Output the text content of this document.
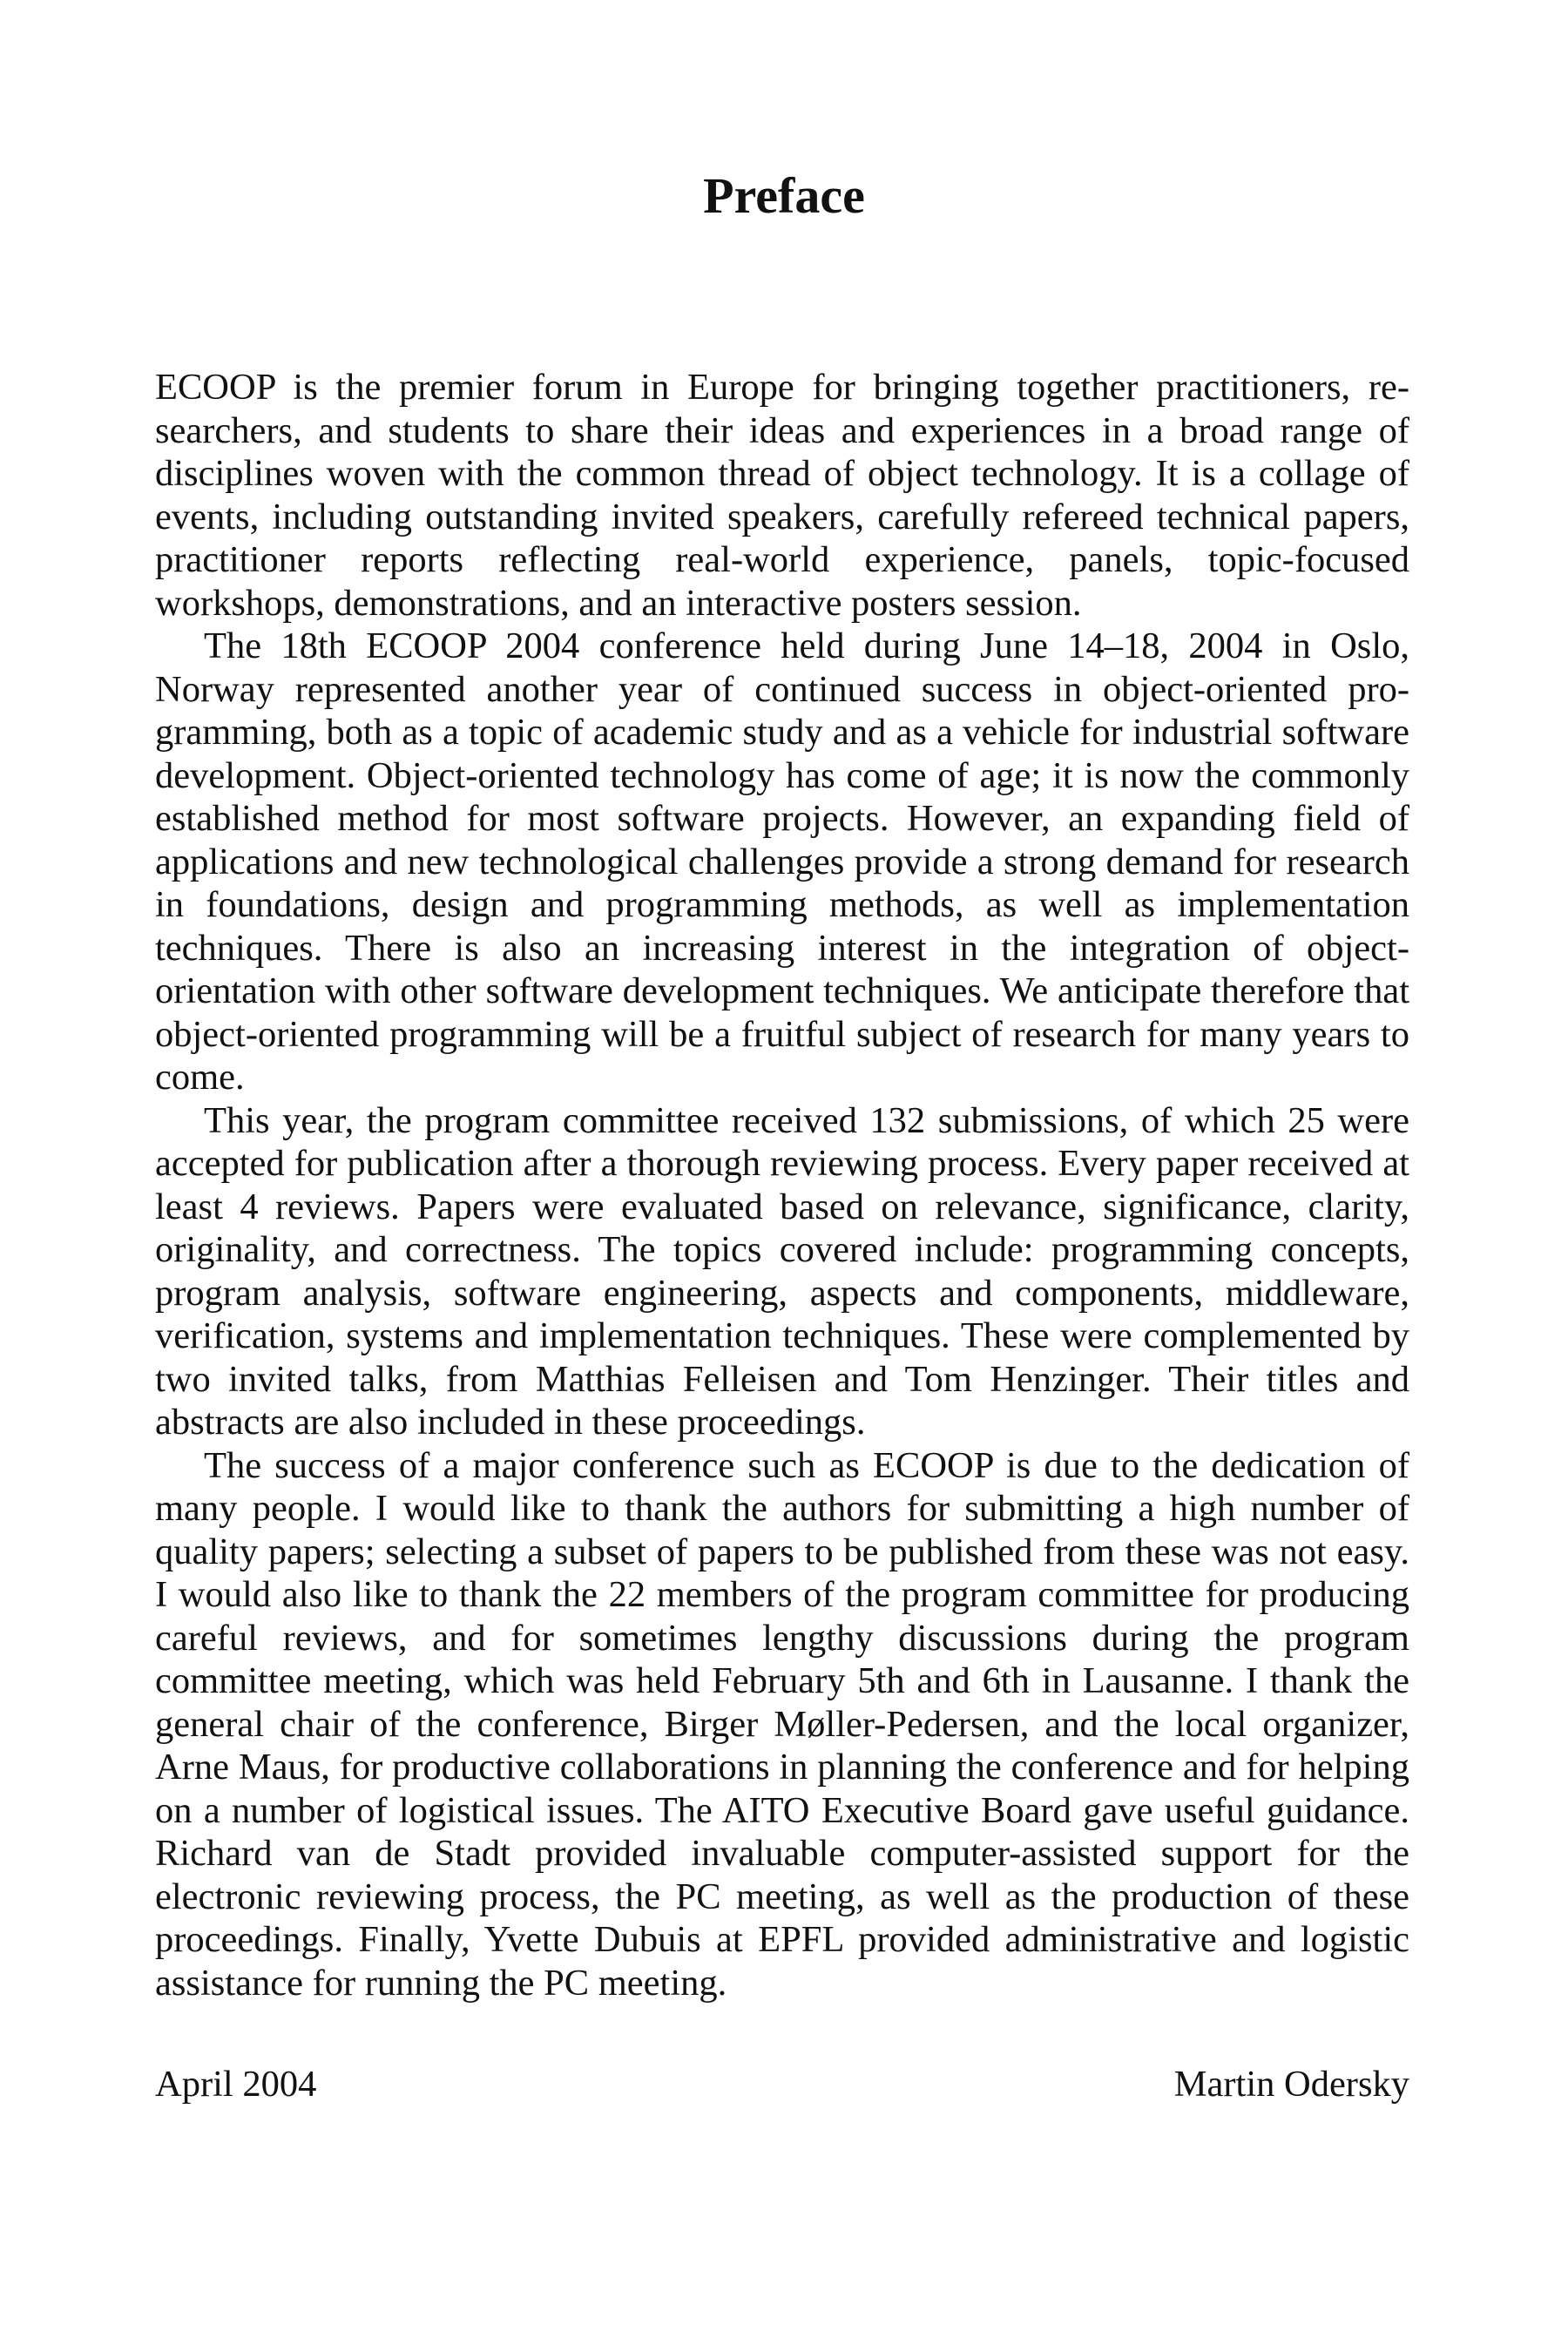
Preface

ECOOP is the premier forum in Europe for bringing together practitioners, researchers, and students to share their ideas and experiences in a broad range of disciplines woven with the common thread of object technology. It is a collage of events, including outstanding invited speakers, carefully refereed technical papers, practitioner reports reflecting real-world experience, panels, topic-focused workshops, demonstrations, and an interactive posters session.

The 18th ECOOP 2004 conference held during June 14–18, 2004 in Oslo, Norway represented another year of continued success in object-oriented programming, both as a topic of academic study and as a vehicle for industrial software development. Object-oriented technology has come of age; it is now the commonly established method for most software projects. However, an expanding field of applications and new technological challenges provide a strong demand for research in foundations, design and programming methods, as well as implementation techniques. There is also an increasing interest in the integration of object-orientation with other software development techniques. We anticipate therefore that object-oriented programming will be a fruitful subject of research for many years to come.

This year, the program committee received 132 submissions, of which 25 were accepted for publication after a thorough reviewing process. Every paper received at least 4 reviews. Papers were evaluated based on relevance, significance, clarity, originality, and correctness. The topics covered include: programming concepts, program analysis, software engineering, aspects and components, middleware, verification, systems and implementation techniques. These were complemented by two invited talks, from Matthias Felleisen and Tom Henzinger. Their titles and abstracts are also included in these proceedings.

The success of a major conference such as ECOOP is due to the dedication of many people. I would like to thank the authors for submitting a high number of quality papers; selecting a subset of papers to be published from these was not easy. I would also like to thank the 22 members of the program committee for producing careful reviews, and for sometimes lengthy discussions during the program committee meeting, which was held February 5th and 6th in Lausanne. I thank the general chair of the conference, Birger Møller-Pedersen, and the local organizer, Arne Maus, for productive collaborations in planning the conference and for helping on a number of logistical issues. The AITO Executive Board gave useful guidance. Richard van de Stadt provided invaluable computer-assisted support for the electronic reviewing process, the PC meeting, as well as the production of these proceedings. Finally, Yvette Dubuis at EPFL provided administrative and logistic assistance for running the PC meeting.

April 2004	Martin Odersky
